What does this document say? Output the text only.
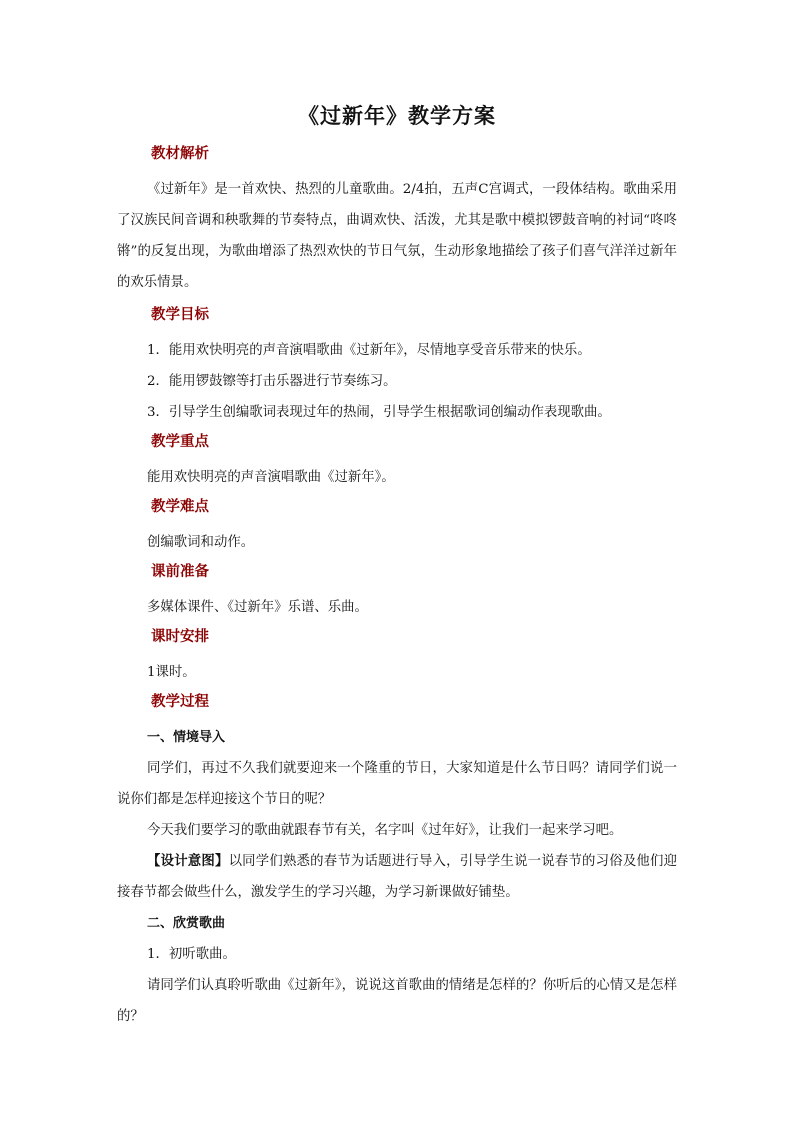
《过新年》教学方案
教材解析

《过新年》是一首欢快、热烈的儿童歌曲。2/4拍，五声C宫调式，一段体结构。歌曲采用了汉族民间音调和秧歌舞的节奏特点，曲调欢快、活泼，尤其是歌中模拟锣鼓音响的衬词“咚咚锵”的反复出现，为歌曲增添了热烈欢快的节日气氛，生动形象地描绘了孩子们喜气洋洋过新年的欢乐情景。

教学目标

1．能用欢快明亮的声音演唱歌曲《过新年》，尽情地享受音乐带来的快乐。

2．能用锣鼓镲等打击乐器进行节奏练习。

3．引导学生创编歌词表现过年的热闹，引导学生根据歌词创编动作表现歌曲。

教学重点

能用欢快明亮的声音演唱歌曲《过新年》。

教学难点

创编歌词和动作。

课前准备

多媒体课件、《过新年》乐谱、乐曲。

课时安排

1课时。

教学过程

一、情境导入

同学们，再过不久我们就要迎来一个隆重的节日，大家知道是什么节日吗？请同学们说一说你们都是怎样迎接这个节日的呢？

今天我们要学习的歌曲就跟春节有关，名字叫《过年好》，让我们一起来学习吧。

【设计意图】以同学们熟悉的春节为话题进行导入，引导学生说一说春节的习俗及他们迎接春节都会做些什么，激发学生的学习兴趣，为学习新课做好铺垫。

二、欣赏歌曲

1．初听歌曲。

请同学们认真聆听歌曲《过新年》，说说这首歌曲的情绪是怎样的？你听后的心情又是怎样的？
